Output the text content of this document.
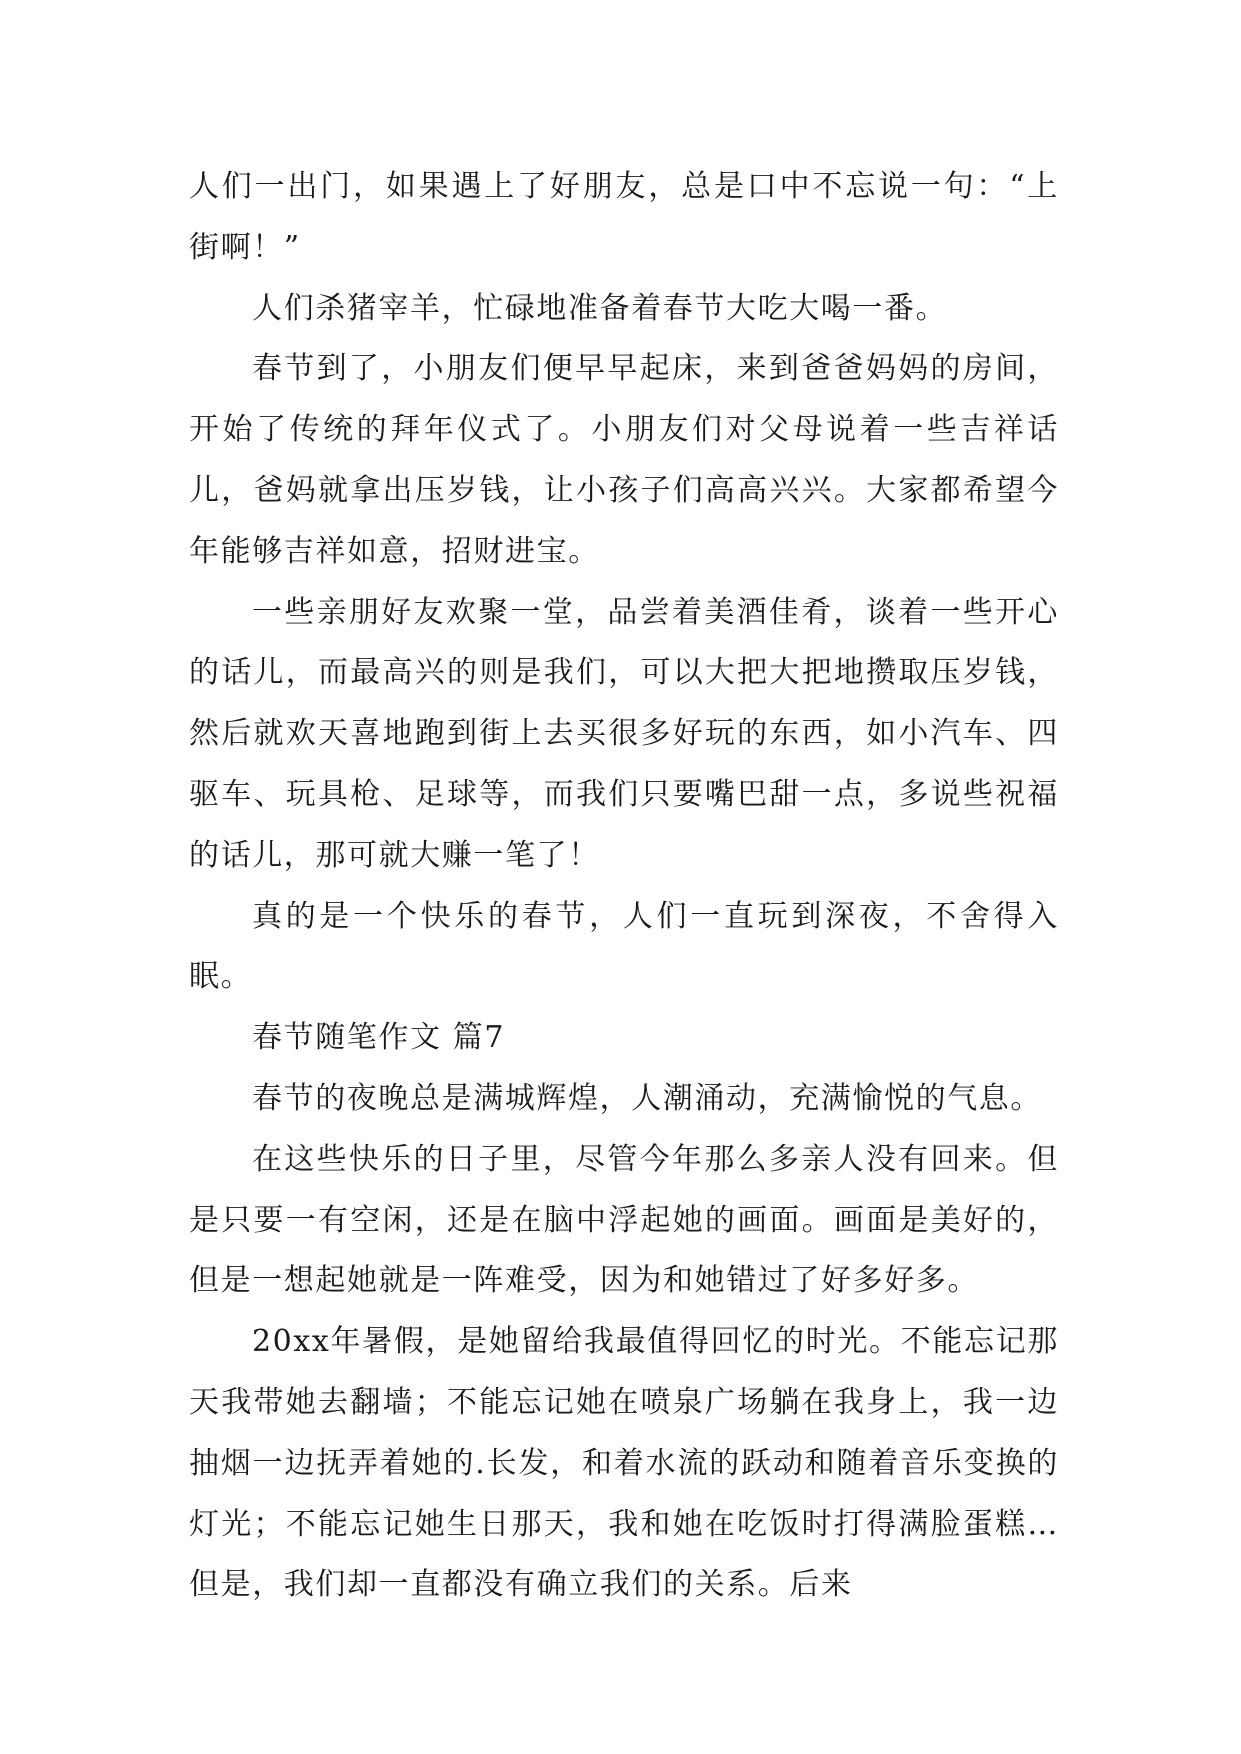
人们一出门，如果遇上了好朋友，总是口中不忘说一句：“上街啊！”

人们杀猪宰羊，忙碌地准备着春节大吃大喝一番。

春节到了，小朋友们便早早起床，来到爸爸妈妈的房间，开始了传统的拜年仪式了。小朋友们对父母说着一些吉祥话儿，爸妈就拿出压岁钱，让小孩子们高高兴兴。大家都希望今年能够吉祥如意，招财进宝。

一些亲朋好友欢聚一堂，品尝着美酒佳肴，谈着一些开心的话儿，而最高兴的则是我们，可以大把大把地攒取压岁钱，然后就欢天喜地跑到街上去买很多好玩的东西，如小汽车、四驱车、玩具枪、足球等，而我们只要嘴巴甜一点，多说些祝福的话儿，那可就大赚一笔了！

真的是一个快乐的春节，人们一直玩到深夜，不舍得入眠。

春节随笔作文 篇7

春节的夜晚总是满城辉煌，人潮涌动，充满愉悦的气息。

在这些快乐的日子里，尽管今年那么多亲人没有回来。但是只要一有空闲，还是在脑中浮起她的画面。画面是美好的，但是一想起她就是一阵难受，因为和她错过了好多好多。

20xx年暑假，是她留给我最值得回忆的时光。不能忘记那天我带她去翻墙；不能忘记她在喷泉广场躺在我身上，我一边抽烟一边抚弄着她的.长发，和着水流的跃动和随着音乐变换的灯光；不能忘记她生日那天，我和她在吃饭时打得满脸蛋糕…但是，我们却一直都没有确立我们的关系。后来
